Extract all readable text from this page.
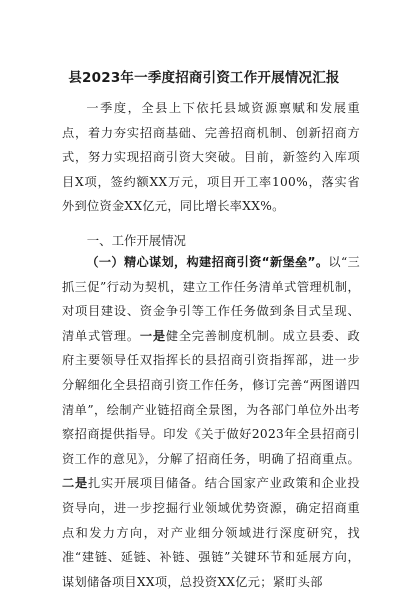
县2023年一季度招商引资工作开展情况汇报
一季度，全县上下依托县域资源禀赋和发展重点，着力夯实招商基础、完善招商机制、创新招商方式，努力实现招商引资大突破。目前，新签约入库项目X项，签约额XX万元，项目开工率100%，落实省外到位资金XX亿元，同比增长率XX%。
一、工作开展情况
（一）精心谋划，构建招商引资“新堡垒”。以“三抓三促”行动为契机，建立工作任务清单式管理机制，对项目建设、资金争引等工作任务做到条目式呈现、清单式管理。一是健全完善制度机制。成立县委、政府主要领导任双指挥长的县招商引资指挥部，进一步分解细化全县招商引资工作任务，修订完善“两图谱四清单”，绘制产业链招商全景图，为各部门单位外出考察招商提供指导。印发《关于做好2023年全县招商引资工作的意见》，分解了招商任务，明确了招商重点。二是扎实开展项目储备。结合国家产业政策和企业投资导向，进一步挖掘行业领域优势资源，确定招商重点和发力方向，对产业细分领域进行深度研究，找准“建链、延链、补链、强链”关键环节和延展方向，谋划储备项目XX项，总投资XX亿元；紧盯头部
